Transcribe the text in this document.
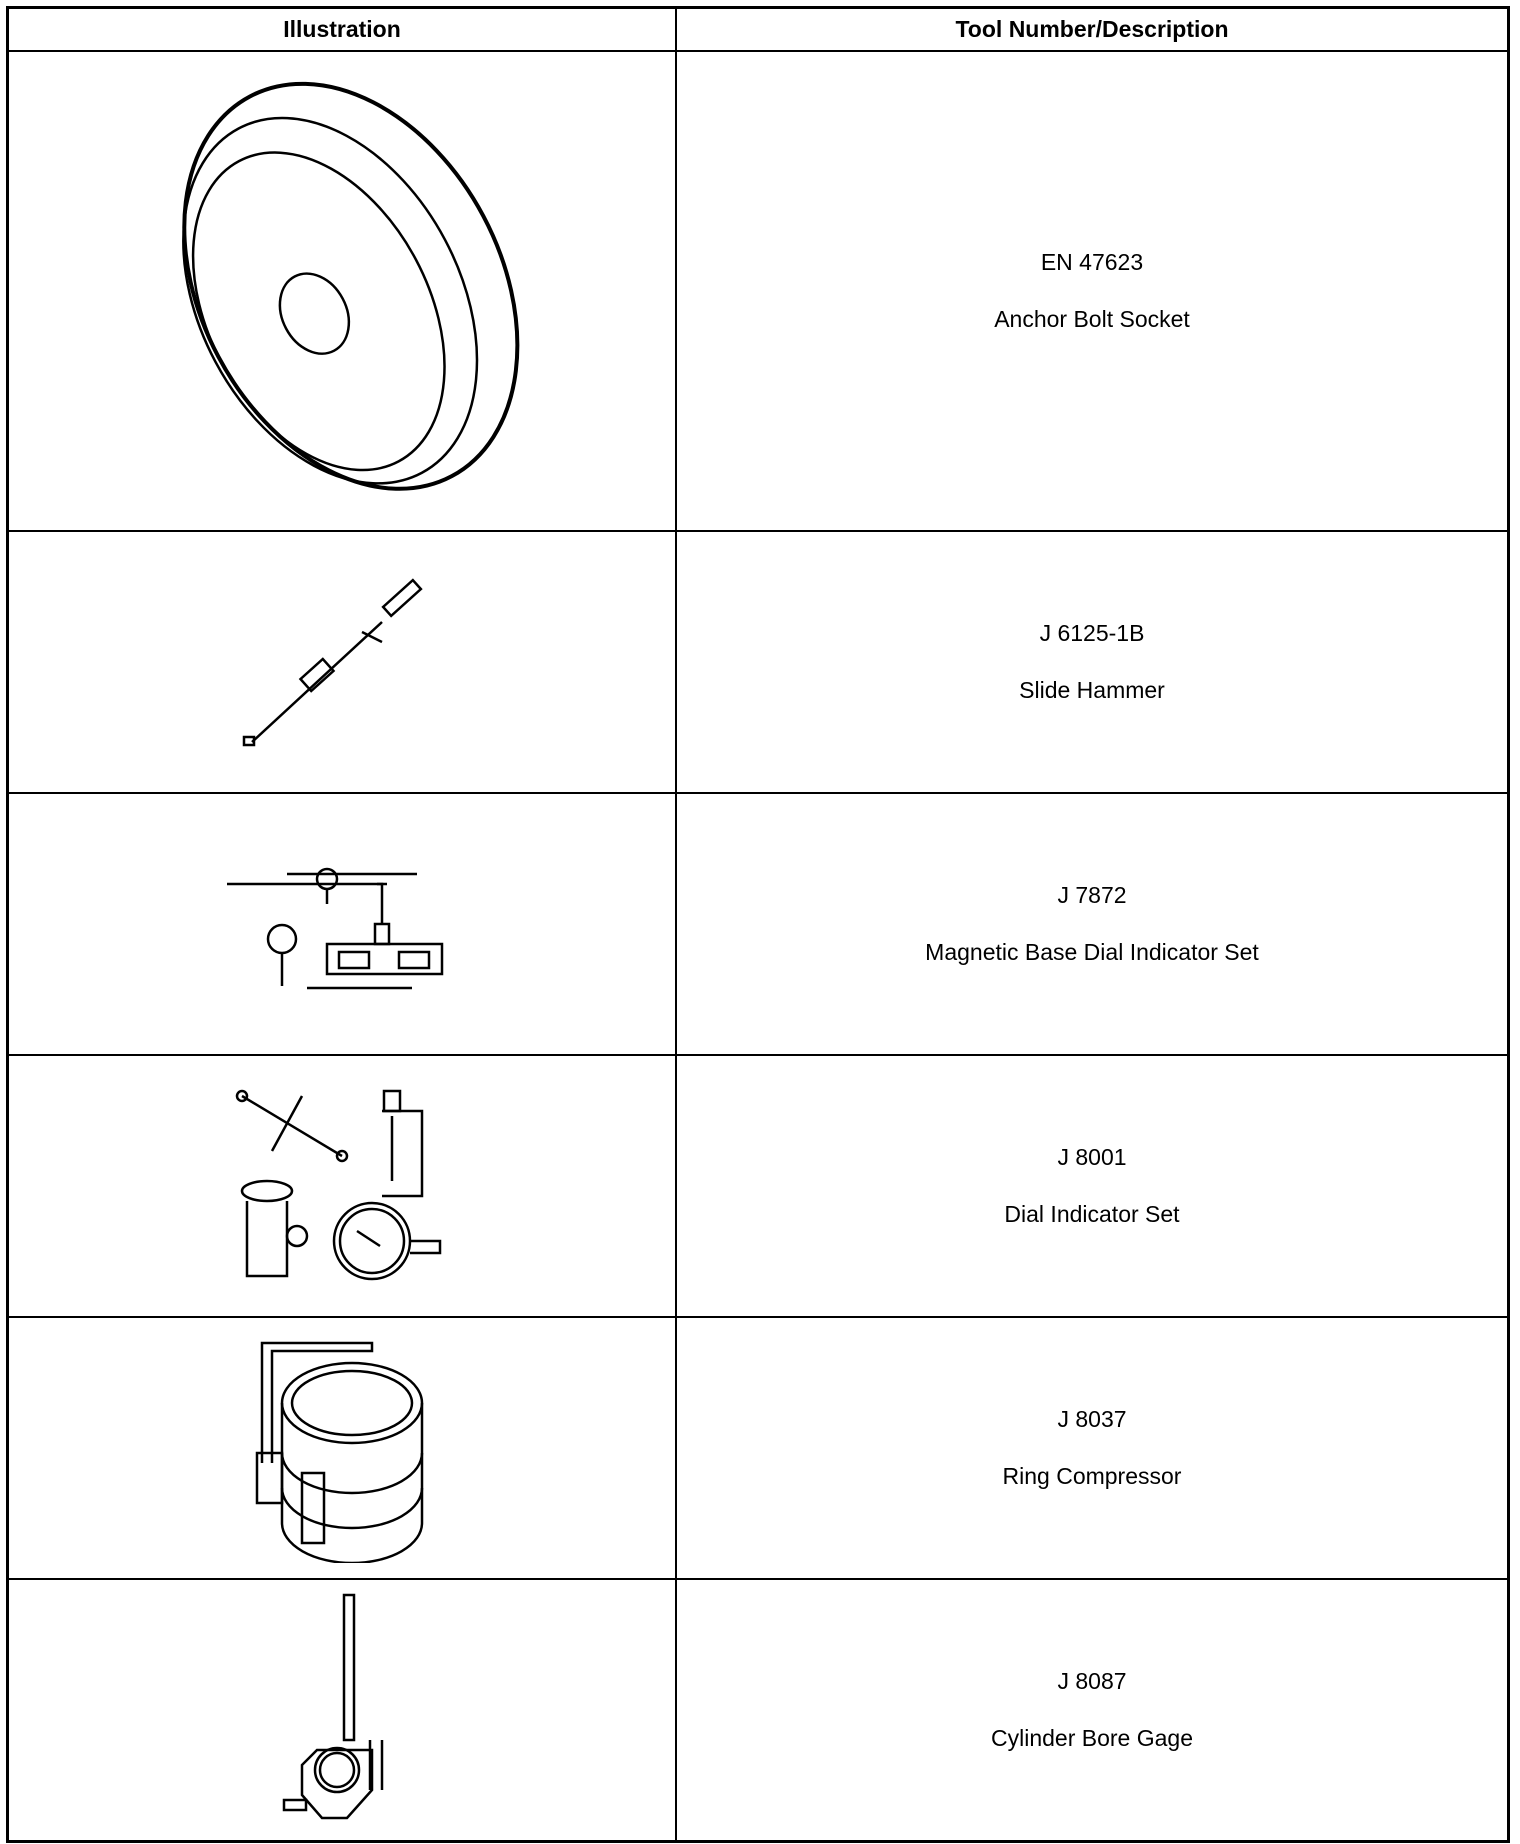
Illustration	Tool Number/Description

EN 47623
Anchor Bolt Socket

J 6125-1B
Slide Hammer

J 7872
Magnetic Base Dial Indicator Set

J 8001
Dial Indicator Set

J 8037
Ring Compressor

J 8087
Cylinder Bore Gage
